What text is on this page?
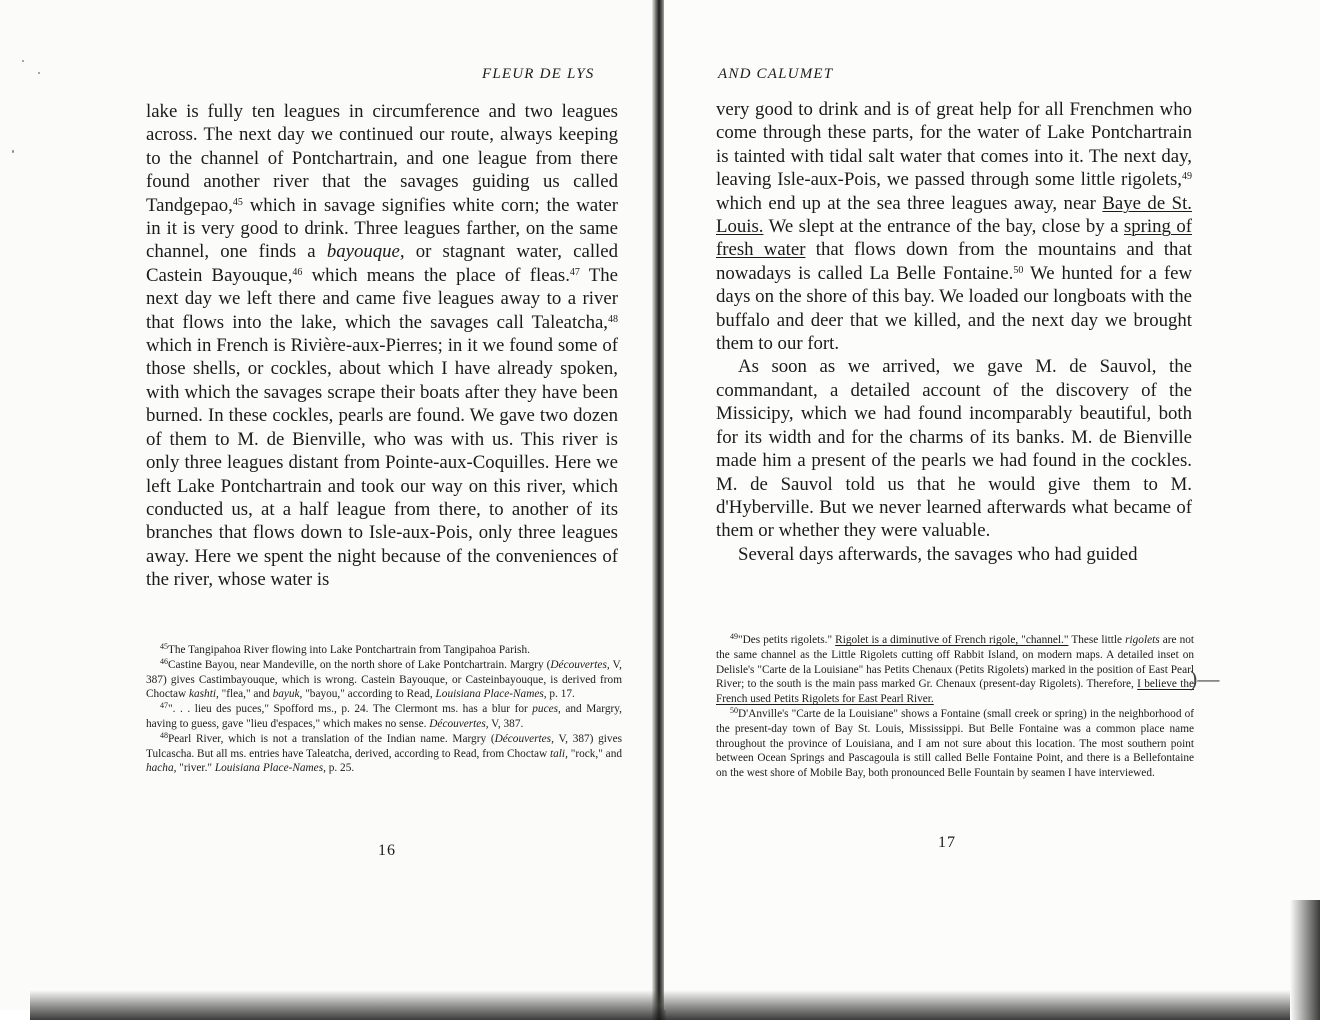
FLEUR DE LYS

lake is fully ten leagues in circumference and two leagues across. The next day we continued our route, always keeping to the channel of Pontchartrain, and one league from there found another river that the savages guiding us called Tandgepao,$^{45}$ which in savage signifies white corn; the water in it is very good to drink. Three leagues farther, on the same channel, one finds a bayouque, or stagnant water, called Castein Bayouque,$^{46}$ which means the place of fleas.$^{47}$ The next day we left there and came five leagues away to a river that flows into the lake, which the savages call Taleatcha,$^{48}$ which in French is Rivière-aux-Pierres; in it we found some of those shells, or cockles, about which I have already spoken, with which the savages scrape their boats after they have been burned. In these cockles, pearls are found. We gave two dozen of them to M. de Bienville, who was with us. This river is only three leagues distant from Pointe-aux-Coquilles. Here we left Lake Pontchartrain and took our way on this river, which conducted us, at a half league from there, to another of its branches that flows down to Isle-aux-Pois, only three leagues away. Here we spent the night because of the conveniences of the river, whose water is

$^{45}$The Tangipahoa River flowing into Lake Pontchartrain from Tangipahoa Parish.

$^{46}$Castine Bayou, near Mandeville, on the north shore of Lake Pontchartrain. Margry (Découvertes, V, 387) gives Castimbayouque, which is wrong. Castein Bayouque, or Casteinbayouque, is derived from Choctaw kashti, "flea," and bayuk, "bayou," according to Read, Louisiana Place-Names, p. 17.

$^{47}$". . . lieu des puces," Spofford ms., p. 24. The Clermont ms. has a blur for puces, and Margry, having to guess, gave "lieu d'espaces," which makes no sense. Découvertes, V, 387.

$^{48}$Pearl River, which is not a translation of the Indian name. Margry (Découvertes, V, 387) gives Tulcascha. But all ms. entries have Taleatcha, derived, according to Read, from Choctaw tali, "rock," and hacha, "river." Louisiana Place-Names, p. 25.

16
AND CALUMET

very good to drink and is of great help for all Frenchmen who come through these parts, for the water of Lake Pontchartrain is tainted with tidal salt water that comes into it. The next day, leaving Isle-aux-Pois, we passed through some little rigolets,$^{49}$ which end up at the sea three leagues away, near Baye de St. Louis. We slept at the entrance of the bay, close by a spring of fresh water that flows down from the mountains and that nowadays is called La Belle Fontaine.$^{50}$ We hunted for a few days on the shore of this bay. We loaded our longboats with the buffalo and deer that we killed, and the next day we brought them to our fort.

As soon as we arrived, we gave M. de Sauvol, the commandant, a detailed account of the discovery of the Missicipy, which we had found incomparably beautiful, both for its width and for the charms of its banks. M. de Bienville made him a present of the pearls we had found in the cockles. M. de Sauvol told us that he would give them to M. d'Hyberville. But we never learned afterwards what became of them or whether they were valuable.

Several days afterwards, the savages who had guided

$^{49}$"Des petits rigolets." Rigolet is a diminutive of French rigole, "channel." These little rigolets are not the same channel as the Little Rigolets cutting off Rabbit Island, on modern maps. A detailed inset on Delisle's "Carte de la Louisiane" has Petits Chenaux (Petits Rigolets) marked in the position of East Pearl River; to the south is the main pass marked Gr. Chenaux (present-day Rigolets). Therefore, I believe the French used Petits Rigolets for East Pearl River.

$^{50}$D'Anville's "Carte de la Louisiane" shows a Fontaine (small creek or spring) in the neighborhood of the present-day town of Bay St. Louis, Mississippi. But Belle Fontaine was a common place name throughout the province of Louisiana, and I am not sure about this location. The most southern point between Ocean Springs and Pascagoula is still called Belle Fontaine Point, and there is a Bellefontaine on the west shore of Mobile Bay, both pronounced Belle Fountain by seamen I have interviewed.

)—
17
